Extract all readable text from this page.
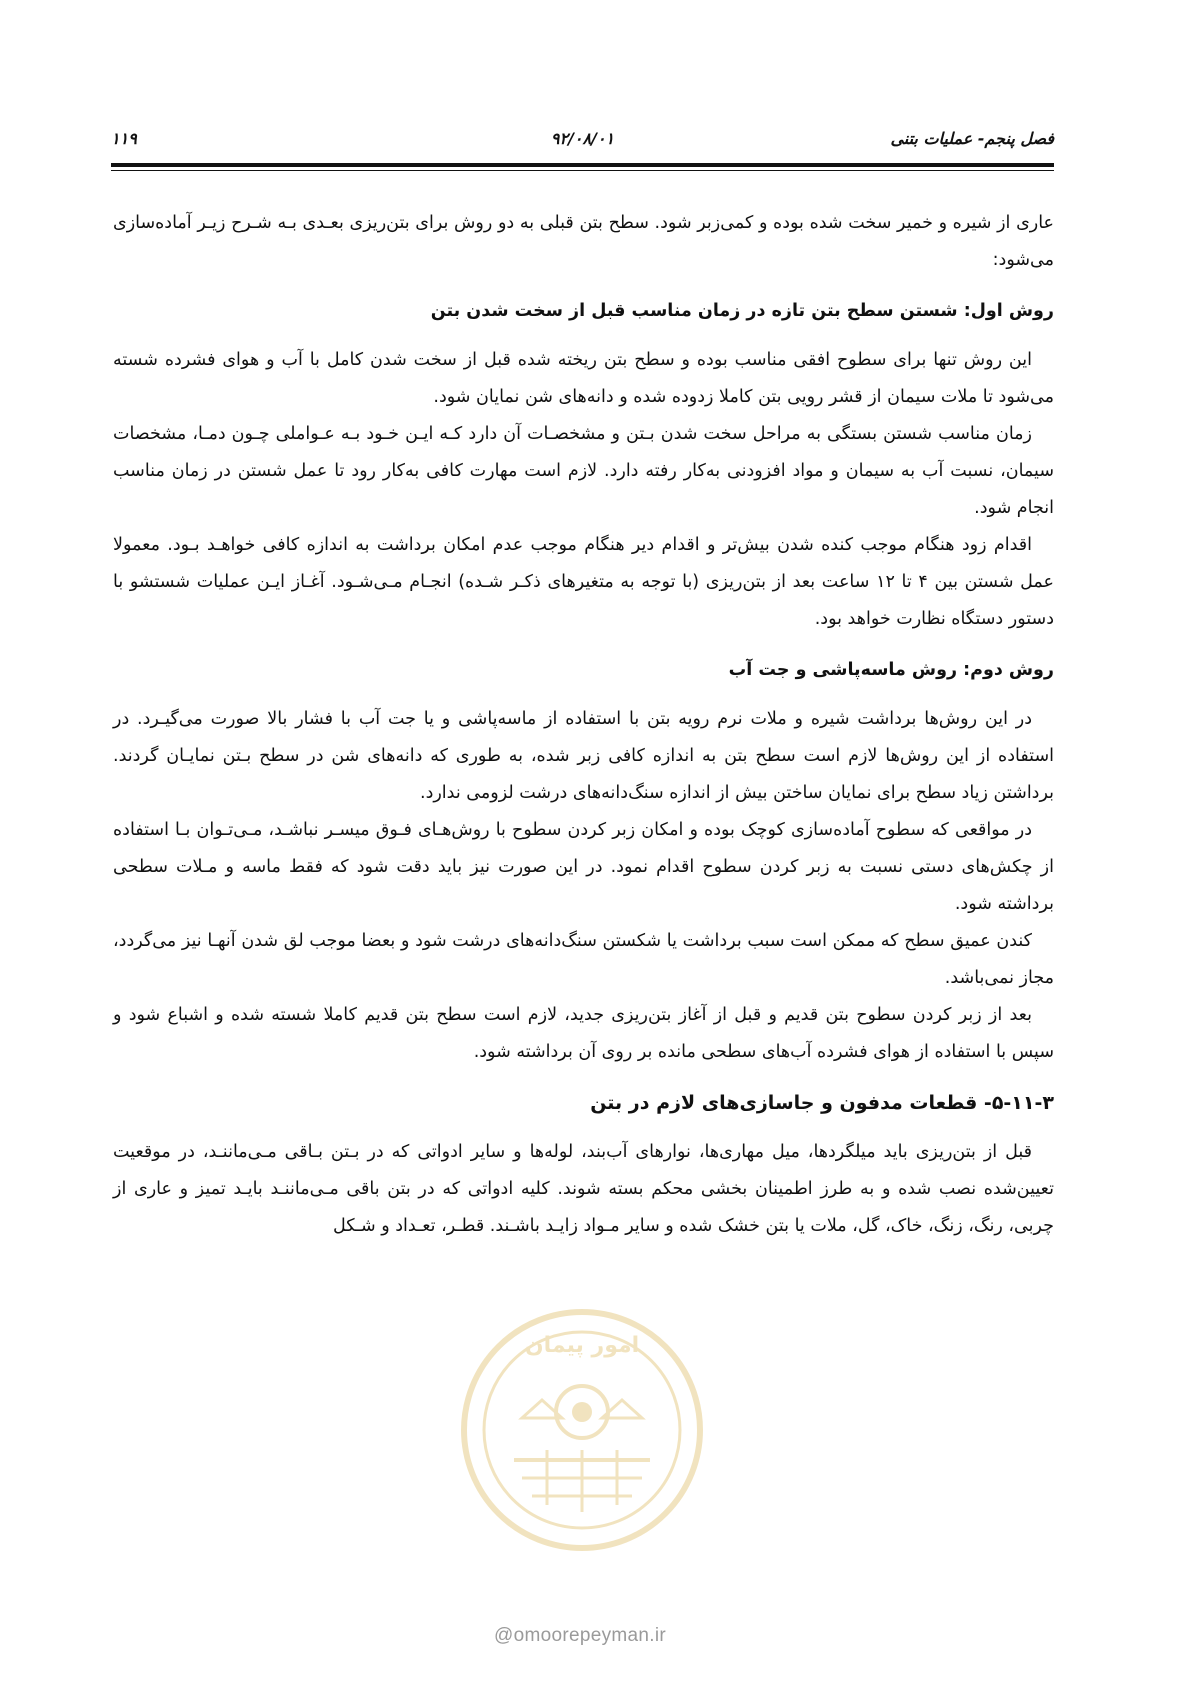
فصل پنجم- عملیات بتنی
۹۲/۰۸/۰۱
۱۱۹

عاری از شیره و خمیر سخت شده بوده و کمی‌زبر شود. سطح بتن قبلی به دو روش برای بتن‌ریزی بعـدی بـه شـرح زیـر آماده‌سازی می‌شود:

روش اول: شستن سطح بتن تازه در زمان مناسب قبل از سخت شدن بتن

این روش تنها برای سطوح افقی مناسب بوده و سطح بتن ریخته شده قبل از سخت شدن کامل با آب و هوای فشرده شسته می‌شود تا ملات سیمان از قشر رویی بتن کاملا زدوده شده و دانه‌های شن نمایان شود.

زمان مناسب شستن بستگی به مراحل سخت شدن بـتن و مشخصـات آن دارد کـه ایـن خـود بـه عـواملی چـون دمـا، مشخصات سیمان، نسبت آب به سیمان و مواد افزودنی به‌کار رفته دارد. لازم است مهارت کافی به‌کار رود تا عمل شستن در زمان مناسب انجام شود.

اقدام زود هنگام موجب کنده شدن بیش‌تر و اقدام دیر هنگام موجب عدم امکان برداشت به اندازه کافی خواهـد بـود. معمولا عمل شستن بین ۴ تا ۱۲ ساعت بعد از بتن‌ریزی (با توجه به متغیرهای ذکـر شـده) انجـام مـی‌شـود. آغـاز ایـن عملیات شستشو با دستور دستگاه نظارت خواهد بود.

روش دوم: روش ماسه‌پاشی و جت آب

در این روش‌ها برداشت شیره و ملات نرم رویه بتن با استفاده از ماسه‌پاشی و یا جت آب با فشار بالا صورت می‌گیـرد. در استفاده از این روش‌ها لازم است سطح بتن به اندازه کافی زبر شده، به طوری که دانه‌های شن در سطح بـتن نمایـان گردند. برداشتن زیاد سطح برای نمایان ساختن بیش از اندازه سنگ‌دانه‌های درشت لزومی ندارد.

در مواقعی که سطوح آماده‌سازی کوچک بوده و امکان زبر کردن سطوح با روش‌هـای فـوق میسـر نباشـد، مـی‌تـوان بـا استفاده از چکش‌های دستی نسبت به زبر کردن سطوح اقدام نمود. در این صورت نیز باید دقت شود که فقط ماسه و مـلات سطحی برداشته شود.

کندن عمیق سطح که ممکن است سبب برداشت یا شکستن سنگ‌دانه‌های درشت شود و بعضا موجب لق شدن آنهـا نیز می‌گردد، مجاز نمی‌باشد.

بعد از زبر کردن سطوح بتن قدیم و قبل از آغاز بتن‌ریزی جدید، لازم است سطح بتن قدیم کاملا شسته شده و اشباع شود و سپس با استفاده از هوای فشرده آب‌های سطحی مانده بر روی آن برداشته شود.

۵-۱۱-۳- قطعات مدفون و جاسازی‌های لازم در بتن

قبل از بتن‌ریزی باید میلگردها، میل مهاری‌ها، نوارهای آب‌بند، لوله‌ها و سایر ادواتی که در بـتن بـاقی مـی‌ماننـد، در موقعیت تعیین‌شده نصب شده و به طرز اطمینان بخشی محکم بسته شوند. کلیه ادواتی که در بتن باقی مـی‌ماننـد بایـد تمیز و عاری از چربی، رنگ، زنگ، خاک، گل، ملات یا بتن خشک شده و سایر مـواد زایـد باشـند. قطـر، تعـداد و شـکل

امور پیمان
@omoorepeyman.ir
